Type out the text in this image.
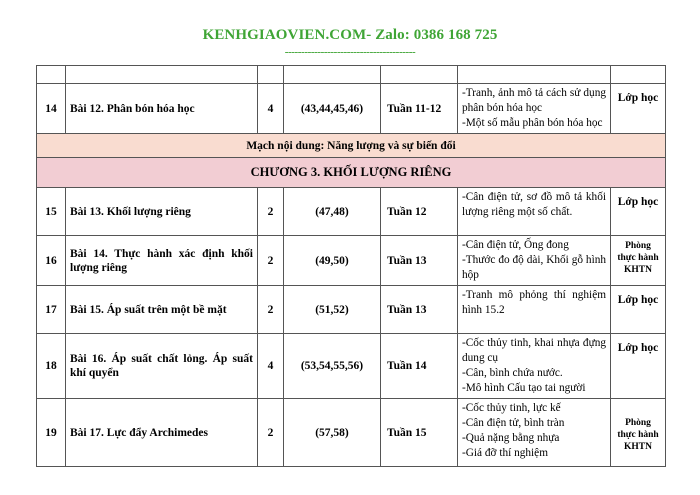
KENHGIAOVIEN.COM- Zalo: 0386 168 725
----------------------------------------

14	Bài 12. Phân bón hóa học	4	(43,44,45,46)	Tuần 11-12	-Tranh, ảnh mô tả cách sử dụng phân bón hóa học
-Một số mẫu phân bón hóa học	Lớp học
Mạch nội dung: Năng lượng và sự biến đổi						
CHƯƠNG 3. KHỐI LƯỢNG RIÊNG						
15	Bài 13. Khối lượng riêng	2	(47,48)	Tuần 12	-Cân điện tử, sơ đồ mô tả khối lượng riêng một số chất.	Lớp học
16	Bài 14. Thực hành xác định khối lượng riêng	2	(49,50)	Tuần 13	-Cân điện tử, Ống đong
-Thước đo độ dài, Khối gỗ hình hộp	Phòng thực hành KHTN
17	Bài 15. Áp suất trên một bề mặt	2	(51,52)	Tuần 13	-Tranh mô phỏng thí nghiệm hình 15.2	Lớp học
18	Bài 16. Áp suất chất lỏng. Áp suất khí quyển	4	(53,54,55,56)	Tuần 14	-Cốc thủy tinh, khai nhựa đựng dung cụ
-Cân, bình chứa nước.
-Mô hình Cấu tạo tai người	Lớp học
19	Bài 17. Lực đẩy Archimedes	2	(57,58)	Tuần 15	-Cốc thủy tinh, lực kế
-Cân điện tử, bình tràn
-Quả nặng bằng nhựa
-Giá đỡ thí nghiệm	Phòng thực hành KHTN
